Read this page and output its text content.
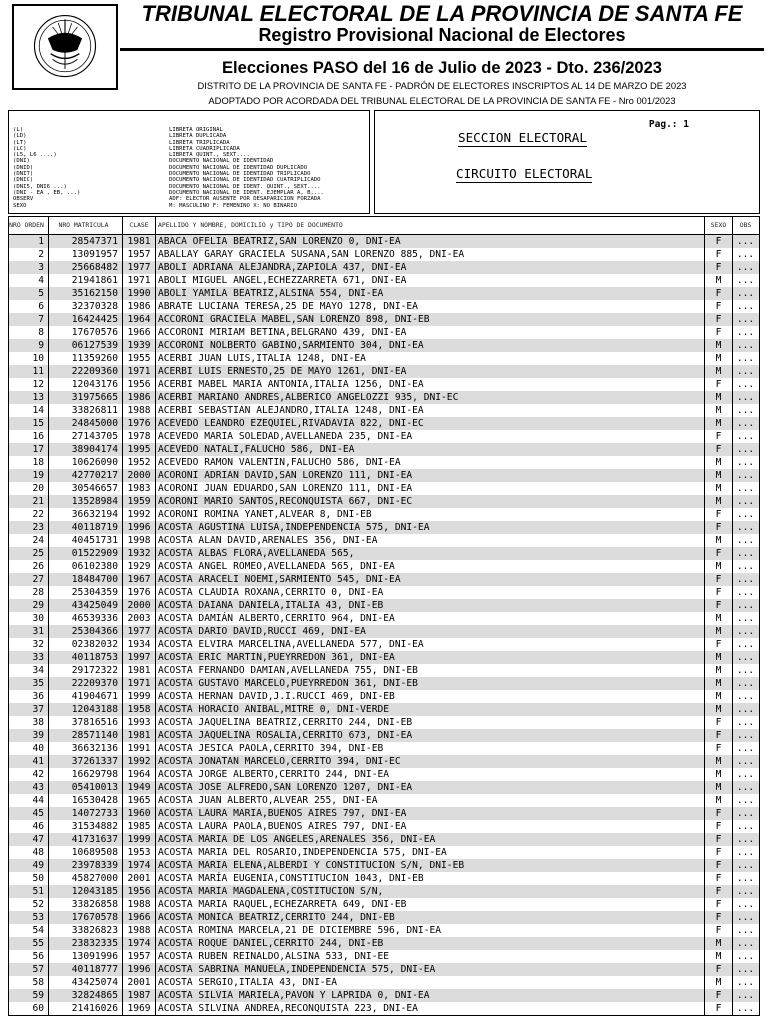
TRIBUNAL ELECTORAL DE LA PROVINCIA DE SANTA FE
Registro Provisional Nacional de Electores
Elecciones PASO del 16 de Julio de 2023 - Dto. 236/2023
DISTRITO DE LA PROVINCIA DE SANTA FE - PADRÓN DE ELECTORES INSCRIPTOS AL 14 DE MARZO DE 2023
ADOPTADO POR ACORDADA DEL TRIBUNAL ELECTORAL DE LA PROVINCIA DE SANTA FE - Nro 001/2023
(L)	LIBRETA ORIGINAL
(LD)	LIBRETA DUPLICADA
(LT)	LIBRETA TRIPLICADA
(LC)	LIBRETA CUADRIPLICADA
(L5, L6 ....)	LIBRETA QUINT., SEXT....
(DNI)	DOCUMENTO NACIONAL DE IDENTIDAD
(DNID)	DOCUMENTO NACIONAL DE IDENTIDAD DUPLICADO
(DNIT)	DOCUMENTO NACIONAL DE IDENTIDAD TRIPLICADO
(DNIC)	DOCUMENTO NACIONAL DE IDENTIDAD CUATRIPLICADO
(DNI5, DNI6 ...)	DOCUMENTO NACIONAL DE IDENT. QUINT., SEXT....
(DNI - EA , EB, ...)	DOCUMENTO NACIONAL DE IDENT. EJEMPLAR A, B,...
OBSERV	ADF: ELECTOR AUSENTE POR DESAPARICION FORZADA
SEXO	M: MASCULINO F: FEMENINO X: NO BINARIO
Pag.: 1
SECCION ELECTORAL
CIRCUITO ELECTORAL
NRO ORDEN	NRO MATRICULA	CLASE	APELLIDO Y NOMBRE, DOMICILIO y TIPO DE DOCUMENTO	SEXO	OBS
1	28547371 1981 ABACA OFELIA BEATRIZ,SAN LORENZO 0, DNI-EA	F	...
2	13091957 1957 ABALLAY GARAY GRACIELA SUSANA,SAN LORENZO 885, DNI-EA	F	...
3	25668482 1977 ABOLI ADRIANA ALEJANDRA,ZAPIOLA 437, DNI-EA	F	...
4	21941861 1971 ABOLI MIGUEL ANGEL,ECHEZZARRETA 671, DNI-EA	M	...
5	35162150 1990 ABOLI YAMILA BEATRIZ,ALSINA 554, DNI-EA	F	...
6	32370328 1986 ABRATE LUCIANA TERESA,25 DE MAYO 1278, DNI-EA	F	...
7	16424425 1964 ACCORONI GRACIELA MABEL,SAN LORENZO 898, DNI-EB	F	...
8	17670576 1966 ACCORONI MIRIAM BETINA,BELGRANO 439, DNI-EA	F	...
9	06127539 1939 ACCORONI NOLBERTO GABINO,SARMIENTO 304, DNI-EA	M	...
10	11359260 1955 ACERBI JUAN LUIS,ITALIA 1248, DNI-EA	M	...
11	22209360 1971 ACERBI LUIS ERNESTO,25 DE MAYO 1261, DNI-EA	M	...
12	12043176 1956 ACERBI MABEL MARIA ANTONIA,ITALIA 1256, DNI-EA	F	...
13	31975665 1986 ACERBI MARIANO ANDRES,ALBERICO ANGELOZZI 935, DNI-EC	M	...
14	33826811 1988 ACERBI SEBASTIAN ALEJANDRO,ITALIA 1248, DNI-EA	M	...
15	24845000 1976 ACEVEDO LEANDRO EZEQUIEL,RIVADAVIA 822, DNI-EC	M	...
16	27143705 1978 ACEVEDO MARIA SOLEDAD,AVELLANEDA 235, DNI-EA	F	...
17	38904174 1995 ACEVEDO NATALI,FALUCHO 586, DNI-EA	F	...
18	10626090 1952 ACEVEDO RAMON VALENTIN,FALUCHO 586, DNI-EA	M	...
19	42770217 2000 ACORONI ADRIAN DAVID,SAN LORENZO 111, DNI-EA	M	...
20	30546657 1983 ACORONI JUAN EDUARDO,SAN LORENZO 111, DNI-EA	M	...
21	13528984 1959 ACORONI MARIO SANTOS,RECONQUISTA 667, DNI-EC	M	...
22	36632194 1992 ACORONI ROMINA YANET,ALVEAR 8, DNI-EB	F	...
23	40118719 1996 ACOSTA AGUSTINA LUISA,INDEPENDENCIA 575, DNI-EA	F	...
24	40451731 1998 ACOSTA ALAN DAVID,ARENALES 356, DNI-EA	M	...
25	01522909 1932 ACOSTA ALBAS FLORA,AVELLANEDA 565,	F	...
26	06102380 1929 ACOSTA ANGEL ROMEO,AVELLANEDA 565, DNI-EA	M	...
27	18484700 1967 ACOSTA ARACELI NOEMI,SARMIENTO 545, DNI-EA	F	...
28	25304359 1976 ACOSTA CLAUDIA ROXANA,CERRITO 0, DNI-EA	F	...
29	43425049 2000 ACOSTA DAIANA DANIELA,ITALIA 43, DNI-EB	F	...
30	46539336 2003 ACOSTA DAMIÁN ALBERTO,CERRITO 964, DNI-EA	M	...
31	25304366 1977 ACOSTA DARIO DAVID,RUCCI 469, DNI-EA	M	...
32	02382032 1934 ACOSTA ELVIRA MARCELINA,AVELLANEDA 577, DNI-EA	F	...
33	40118753 1997 ACOSTA ERIC MARTIN,PUEYRREDON 361, DNI-EA	M	...
34	29172322 1981 ACOSTA FERNANDO DAMIAN,AVELLANEDA 755, DNI-EB	M	...
35	22209370 1971 ACOSTA GUSTAVO MARCELO,PUEYRREDON 361, DNI-EB	M	...
36	41904671 1999 ACOSTA HERNAN DAVID,J.I.RUCCI 469, DNI-EB	M	...
37	12043188 1958 ACOSTA HORACIO ANIBAL,MITRE 0, DNI-VERDE	M	...
38	37816516 1993 ACOSTA JAQUELINA BEATRIZ,CERRITO 244, DNI-EB	F	...
39	28571140 1981 ACOSTA JAQUELINA ROSALIA,CERRITO 673, DNI-EA	F	...
40	36632136 1991 ACOSTA JESICA PAOLA,CERRITO 394, DNI-EB	F	...
41	37261337 1992 ACOSTA JONATAN MARCELO,CERRITO 394, DNI-EC	M	...
42	16629798 1964 ACOSTA JORGE ALBERTO,CERRITO 244, DNI-EA	M	...
43	05410013 1949 ACOSTA JOSE ALFREDO,SAN LORENZO 1207, DNI-EA	M	...
44	16530428 1965 ACOSTA JUAN ALBERTO,ALVEAR 255, DNI-EA	M	...
45	14072733 1960 ACOSTA LAURA MARIA,BUENOS AIRES 797, DNI-EA	F	...
46	31534882 1985 ACOSTA LAURA PAOLA,BUENOS AIRES 797, DNI-EA	F	...
47	41731637 1999 ACOSTA MARIA DE LOS ANGELES,ARENALES 356, DNI-EA	F	...
48	10689508 1953 ACOSTA MARIA DEL ROSARIO,INDEPENDENCIA 575, DNI-EA	F	...
49	23978339 1974 ACOSTA MARIA ELENA,ALBERDI Y CONSTITUCION S/N, DNI-EB	F	...
50	45827000 2001 ACOSTA MARÍA EUGENIA,CONSTITUCION 1043, DNI-EB	F	...
51	12043185 1956 ACOSTA MARIA MAGDALENA,COSTITUCION S/N,	F	...
52	33826858 1988 ACOSTA MARIA RAQUEL,ECHEZARRETA 649, DNI-EB	F	...
53	17670578 1966 ACOSTA MONICA BEATRIZ,CERRITO 244, DNI-EB	F	...
54	33826823 1988 ACOSTA ROMINA MARCELA,21 DE DICIEMBRE 596, DNI-EA	F	...
55	23832335 1974 ACOSTA ROQUE DANIEL,CERRITO 244, DNI-EB	M	...
56	13091996 1957 ACOSTA RUBEN REINALDO,ALSINA 533, DNI-EE	M	...
57	40118777 1996 ACOSTA SABRINA MANUELA,INDEPENDENCIA 575, DNI-EA	F	...
58	43425074 2001 ACOSTA SERGIO,ITALIA 43, DNI-EA	M	...
59	32824865 1987 ACOSTA SILVIA MARIELA,PAVON Y LAPRIDA 0, DNI-EA	F	...
60	21416026 1969 ACOSTA SILVINA ANDREA,RECONQUISTA 223, DNI-EA	F	...
